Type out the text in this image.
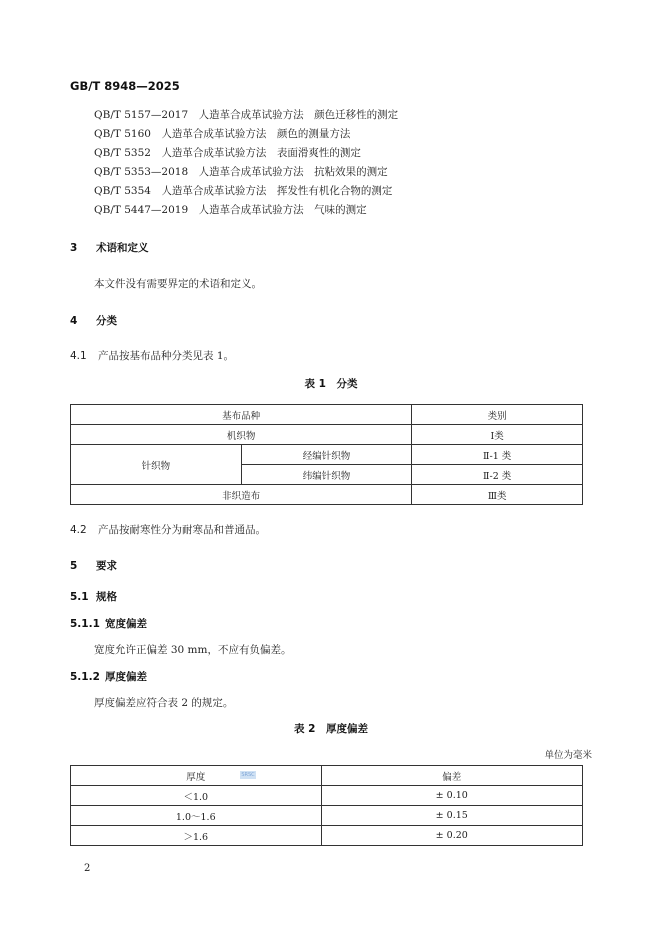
GB/T 8948—2025
QB/T 5157—2017　 人造革合成革试验方法　颜色迁移性的测定
QB/T 5160　 人造革合成革试验方法　颜色的测量方法
QB/T 5352　 人造革合成革试验方法　表面滑爽性的测定
QB/T 5353—2018　 人造革合成革试验方法　抗粘效果的测定
QB/T 5354　 人造革合成革试验方法　挥发性有机化合物的测定
QB/T 5447—2019　 人造革合成革试验方法　气味的测定
3 术语和定义
本文件没有需要界定的术语和定义。
4 分类
4.1 产品按基布品种分类见表 1。
表 1　分类
基布品种		类别
机织物		Ⅰ类
针织物	经编针织物	Ⅱ-1 类
	纬编针织物	Ⅱ-2 类
非织造布		Ⅲ类
4.2 产品按耐寒性分为耐寒品和普通品。
5 要求
5.1 规格
5.1.1 宽度偏差
宽度允许正偏差 30 mm，不应有负偏差。
5.1.2 厚度偏差
厚度偏差应符合表 2 的规定。
表 2　厚度偏差
单位为毫米
厚度	偏差
＜1.0	± 0.10
1.0～1.6	± 0.15
＞1.6	± 0.20
SRSC
2
